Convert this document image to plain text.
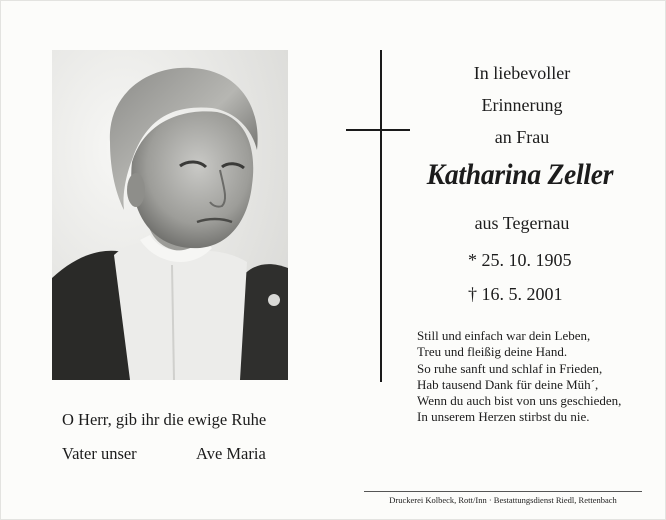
O Herr, gib ihr die ewige Ruhe
Vater unser	Ave Maria
In liebevoller
Erinnerung
an Frau
Katharina Zeller
aus Tegernau
* 25. 10. 1905
† 16. 5. 2001
Still und einfach war dein Leben,
Treu und fleißig deine Hand.
So ruhe sanft und schlaf in Frieden,
Hab tausend Dank für deine Müh´,
Wenn du auch bist von uns geschieden,
In unserem Herzen stirbst du nie.
Druckerei Kolbeck, Rott/Inn · Bestattungsdienst Riedl, Rettenbach
